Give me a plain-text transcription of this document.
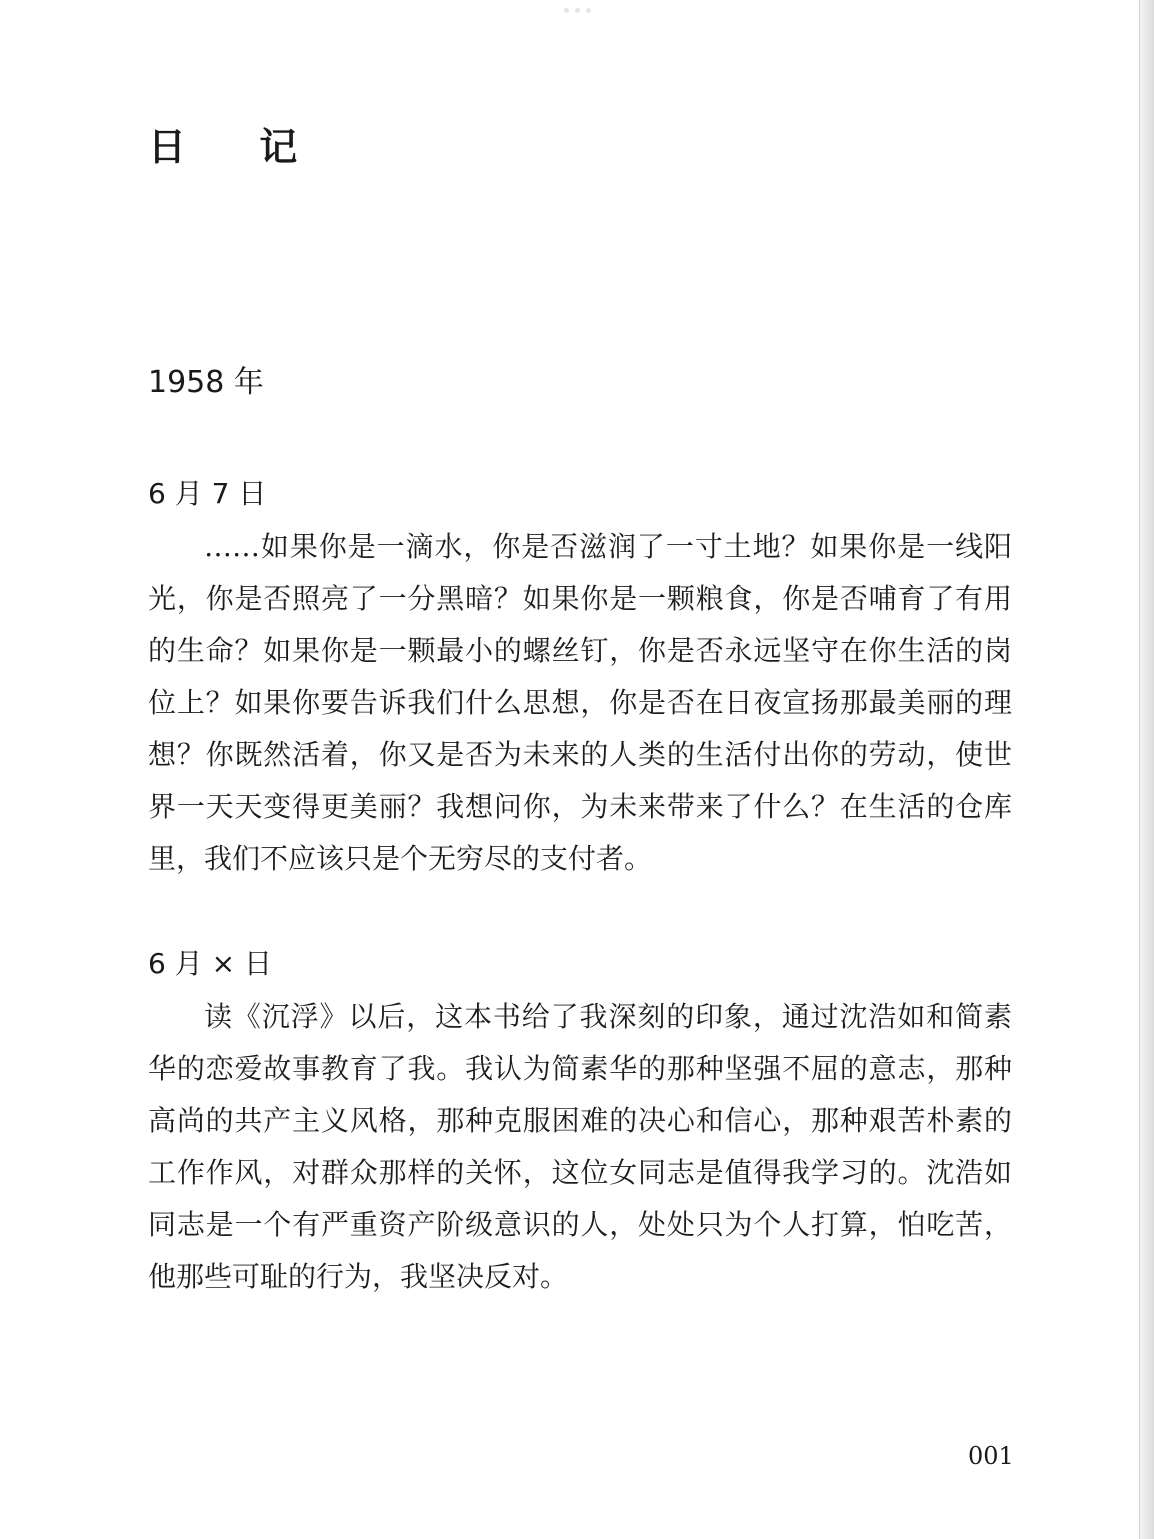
日 记
1958 年
6 月 7 日

……如果你是一滴水，你是否滋润了一寸土地？如果你是一线阳光，你是否照亮了一分黑暗？如果你是一颗粮食，你是否哺育了有用的生命？如果你是一颗最小的螺丝钉，你是否永远坚守在你生活的岗位上？如果你要告诉我们什么思想，你是否在日夜宣扬那最美丽的理想？你既然活着，你又是否为未来的人类的生活付出你的劳动，使世界一天天变得更美丽？我想问你，为未来带来了什么？在生活的仓库里，我们不应该只是个无穷尽的支付者。

6 月 × 日

读《沉浮》以后，这本书给了我深刻的印象，通过沈浩如和简素华的恋爱故事教育了我。我认为简素华的那种坚强不屈的意志，那种高尚的共产主义风格，那种克服困难的决心和信心，那种艰苦朴素的工作作风，对群众那样的关怀，这位女同志是值得我学习的。沈浩如同志是一个有严重资产阶级意识的人，处处只为个人打算，怕吃苦，他那些可耻的行为，我坚决反对。

001
